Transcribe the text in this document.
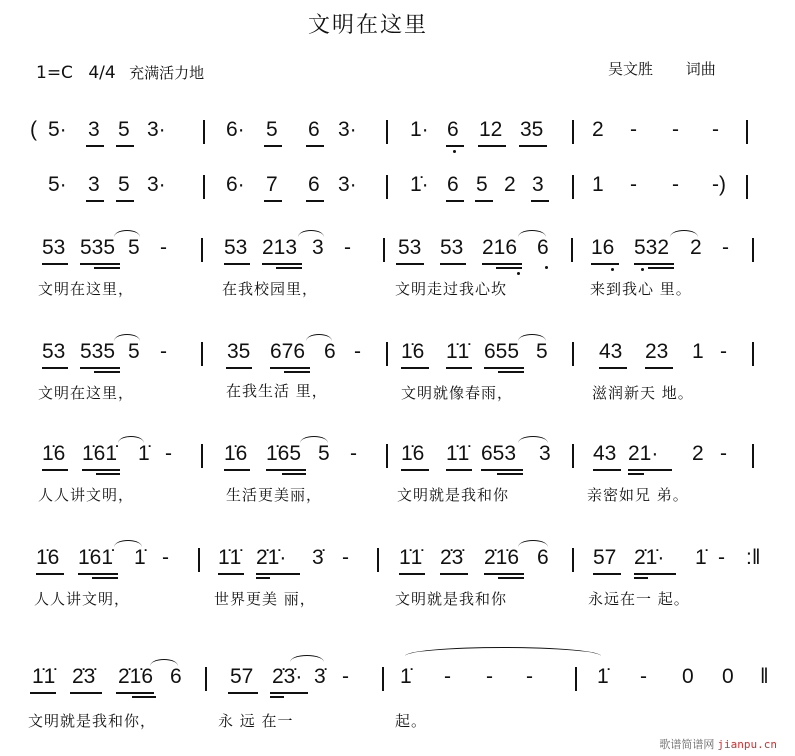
文明在这里
1=C 4/4 充满活力地	吴文胜 词曲
( 5· 3 5 3·	6· 5 6 3·	1· 6 12 35 2 - - -
5· 3 5 3·	6· 7 6 3·	1̇· 6 5 2 3 1 - - -)
53 535 5 -	53 213 3 - 53 53 216 6 16 532 2 -
文明在这里，	在我校园里，	文明走过我心坎	来到我心 里。
53 535 5 -	35 676 6 - 1̇6 1̇1̇ 655 5 43 23 1 -
文明在这里，	在我生活 里，	文明就像春雨，	滋润新天 地。
1̇6 1̇61̇ 1̇ - 1̇6 1̇65 5 - 1̇6 1̇1̇ 653 3 43 21· 2 -
人人讲文明，	生活更美丽，	文明就是我和你	亲密如兄 弟。
1̇6 1̇61̇ 1̇ - 1̇1̇ 2̇1̇· 3̇ - 1̇1̇ 2̇3̇ 2̇1̇6 6 57 2̇1̇· 1̇ - :‖
人人讲文明，	世界更美 丽，	文明就是我和你	永远在一 起。
1̇1̇ 2̇3̇ 2̇1̇6 6 57 2̇3̇· 3̇ - 1̇ - - -	1̇ - 0 0 ‖
文明就是我和你，	永 远 在一	起。
歌谱简谱网 jianpu.cn
